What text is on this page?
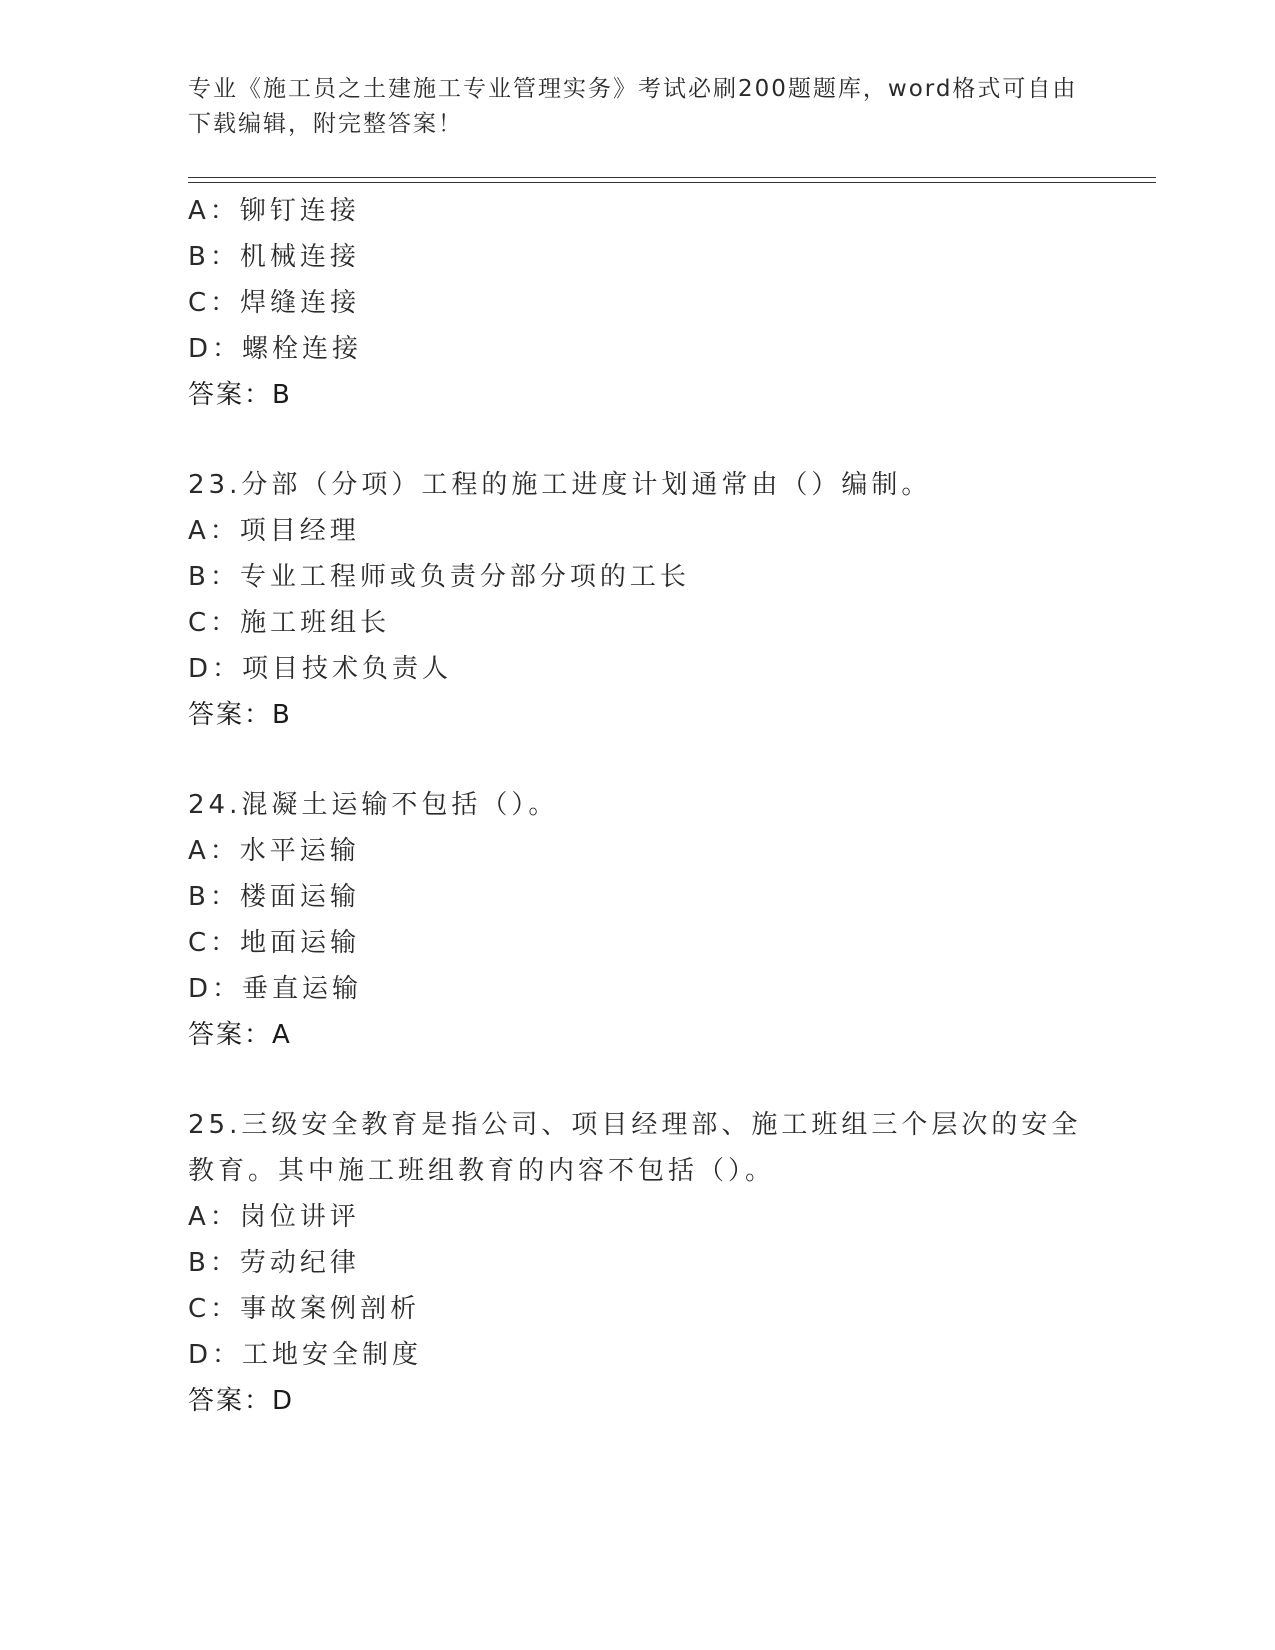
专业《施工员之土建施工专业管理实务》考试必刷200题题库，word格式可自由下载编辑，附完整答案！
A：铆钉连接
B：机械连接
C：焊缝连接
D：螺栓连接
答案：B
23.分部（分项）工程的施工进度计划通常由（）编制。
A：项目经理
B：专业工程师或负责分部分项的工长
C：施工班组长
D：项目技术负责人
答案：B
24.混凝土运输不包括（）。
A：水平运输
B：楼面运输
C：地面运输
D：垂直运输
答案：A
25.三级安全教育是指公司、项目经理部、施工班组三个层次的安全教育。其中施工班组教育的内容不包括（）。
A：岗位讲评
B：劳动纪律
C：事故案例剖析
D：工地安全制度
答案：D
